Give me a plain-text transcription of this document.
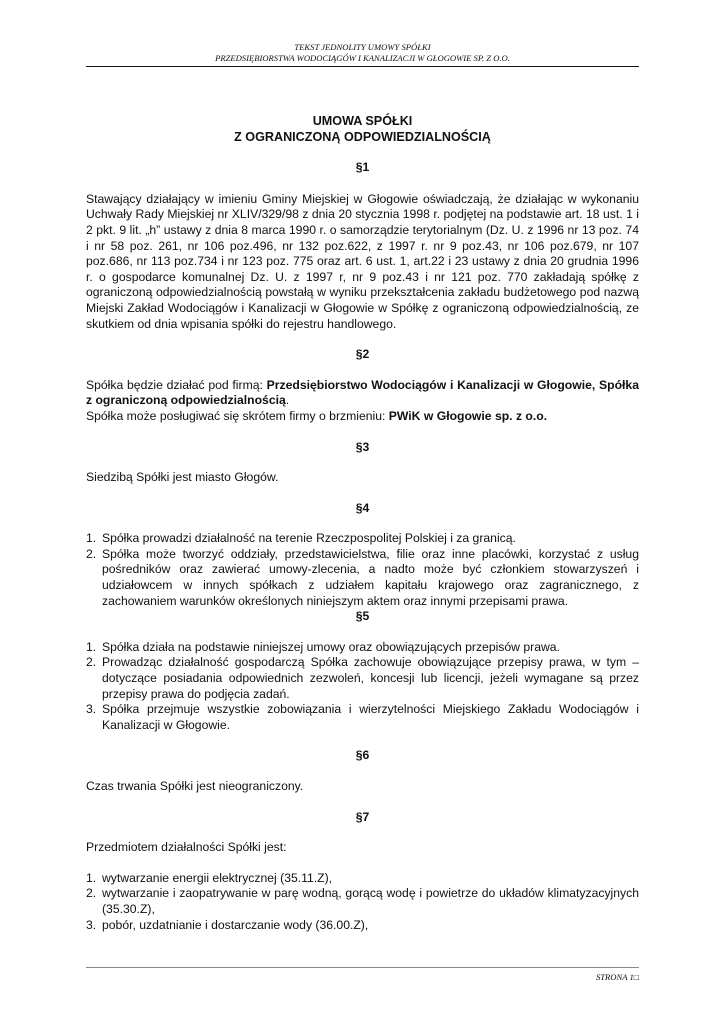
TEKST JEDNOLITY UMOWY SPÓŁKI
PRZEDSIĘBIORSTWA WODOCIĄGÓW I KANALIZACJI W GŁOGOWIE SP. Z O.O.
UMOWA SPÓŁKI
Z OGRANICZONĄ ODPOWIEDZIALNOŚCIĄ
§1

Stawający działający w imieniu Gminy Miejskiej w Głogowie oświadczają, że działając w wykonaniu Uchwały Rady Miejskiej nr XLIV/329/98 z dnia 20 stycznia 1998 r. podjętej na podstawie art. 18 ust. 1 i 2 pkt. 9 lit. „h” ustawy z dnia 8 marca 1990 r. o samorządzie terytorialnym (Dz. U. z 1996 nr 13 poz. 74 i nr 58 poz. 261, nr 106 poz.496, nr 132 poz.622, z 1997 r. nr 9 poz.43, nr 106 poz.679, nr 107 poz.686, nr 113 poz.734 i nr 123 poz. 775 oraz art. 6 ust. 1, art.22 i 23 ustawy z dnia 20 grudnia 1996 r. o gospodarce komunalnej Dz. U. z 1997 r, nr 9 poz.43 i nr 121 poz. 770 zakładają spółkę z ograniczoną odpowiedzialnością powstałą w wyniku przekształcenia zakładu budżetowego pod nazwą Miejski Zakład Wodociągów i Kanalizacji w Głogowie w Spółkę z ograniczoną odpowiedzialnością, ze skutkiem od dnia wpisania spółki do rejestru handlowego.

§2

Spółka będzie działać pod firmą: Przedsiębiorstwo Wodociągów i Kanalizacji w Głogowie, Spółka z ograniczoną odpowiedzialnością.

Spółka może posługiwać się skrótem firmy o brzmieniu: PWiK w Głogowie sp. z o.o.

§3

Siedzibą Spółki jest miasto Głogów.

§4
1. Spółka prowadzi działalność na terenie Rzeczpospolitej Polskiej i za granicą.
2. Spółka może tworzyć oddziały, przedstawicielstwa, filie oraz inne placówki, korzystać z usług pośredników oraz zawierać umowy-zlecenia, a nadto może być członkiem stowarzyszeń i udziałowcem w innych spółkach z udziałem kapitału krajowego oraz zagranicznego, z zachowaniem warunków określonych niniejszym aktem oraz innymi przepisami prawa.
§5
1. Spółka działa na podstawie niniejszej umowy oraz obowiązujących przepisów prawa.
2. Prowadząc działalność gospodarczą Spółka zachowuje obowiązujące przepisy prawa, w tym – dotyczące posiadania odpowiednich zezwoleń, koncesji lub licencji, jeżeli wymagane są przez przepisy prawa do podjęcia zadań.
3. Spółka przejmuje wszystkie zobowiązania i wierzytelności Miejskiego Zakładu Wodociągów i Kanalizacji w Głogowie.
§6

Czas trwania Spółki jest nieograniczony.

§7

Przedmiotem działalności Spółki jest:

1. wytwarzanie energii elektrycznej (35.11.Z),
2. wytwarzanie i zaopatrywanie w parę wodną, gorącą wodę i powietrze do układów klimatyzacyjnych (35.30.Z),
3. pobór, uzdatnianie i dostarczanie wody (36.00.Z),
STRONA 1□
